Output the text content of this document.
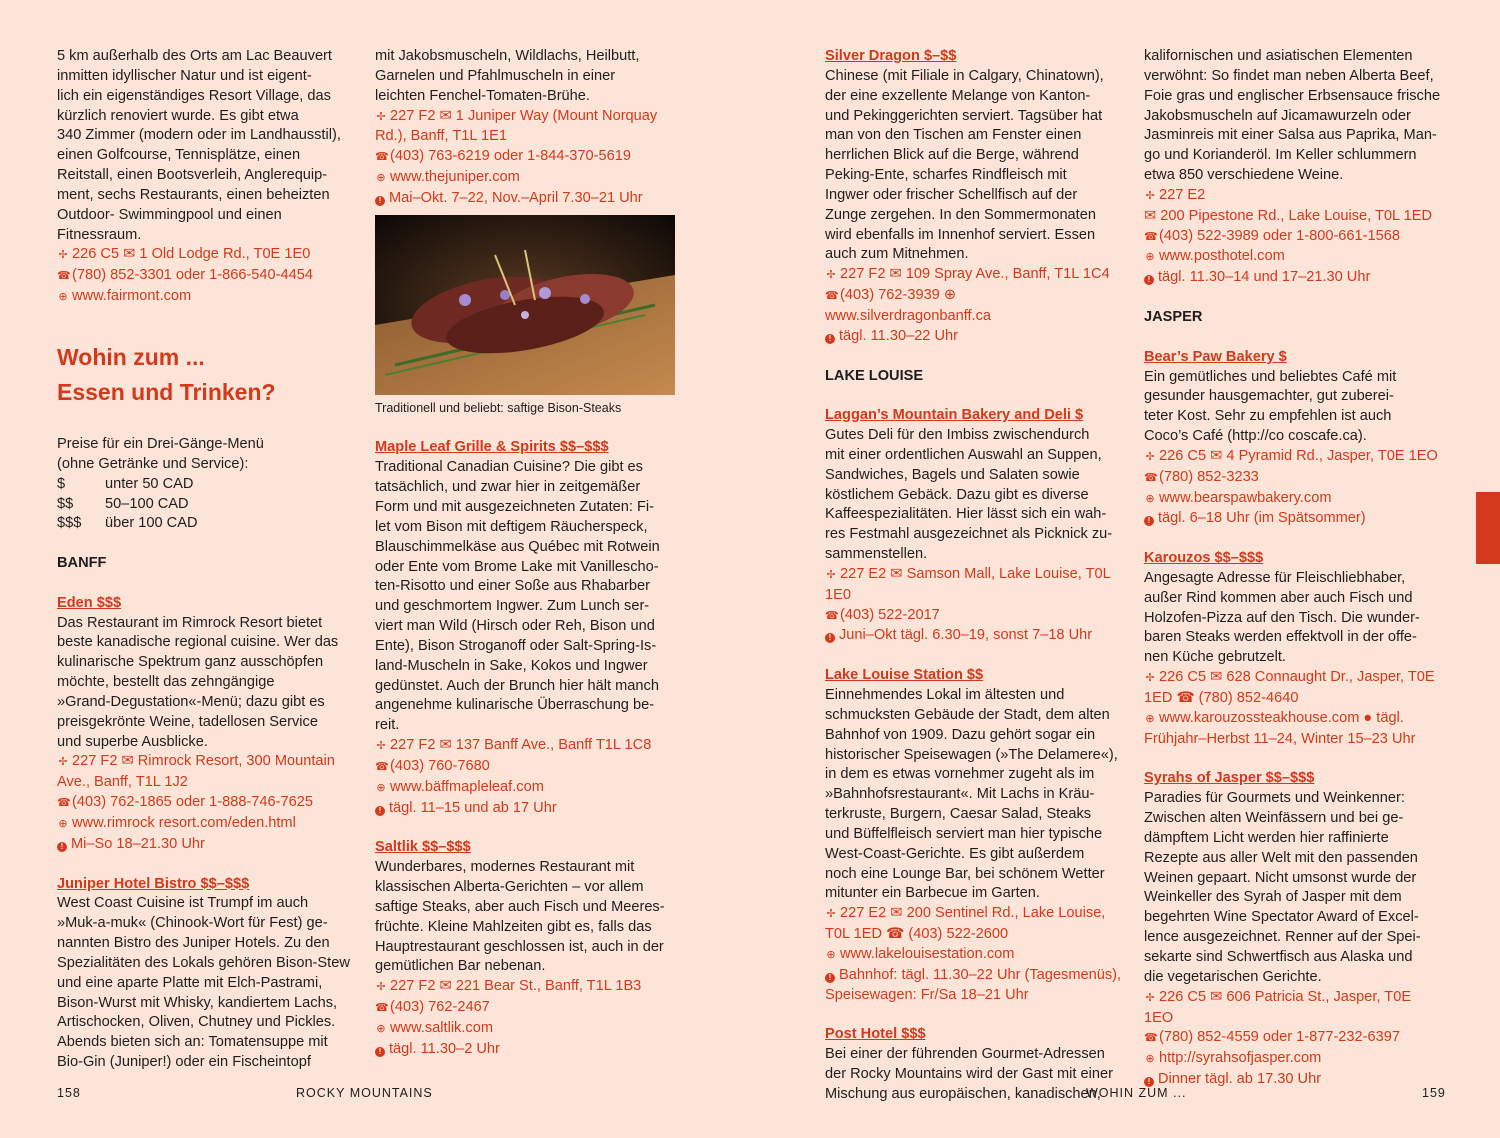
5 km außerhalb des Orts am Lac Beauvert

inmitten idyllischer Natur und ist eigent-

lich ein eigenständiges Resort Village, das

kürzlich renoviert wurde. Es gibt etwa

340 Zimmer (modern oder im Landhausstil),

einen Golfcourse, Tennisplätze, einen

Reitstall, einen Bootsverleih, Anglerequip-

ment, sechs Restaurants, einen beheizten

Outdoor- Swimmingpool und einen

Fitnessraum.

✢ 226 C5 ✉ 1 Old Lodge Rd., T0E 1E0

☎(780) 852-3301 oder 1-866-540-4454

⊕ www.fairmont.com

Wohin zum ...

Essen und Trinken?

Preise für ein Drei-Gänge-Menü

(ohne Getränke und Service):

$	unter 50 CAD
$$	50–100 CAD
$$$	über 100 CAD

BANFF

Eden $$$

Das Restaurant im Rimrock Resort bietet

beste kanadische regional cuisine. Wer das

kulinarische Spektrum ganz ausschöpfen

möchte, bestellt das zehngängige

»Grand-Degustation«-Menü; dazu gibt es

preisgekrönte Weine, tadellosen Service

und superbe Ausblicke.

✢ 227 F2 ✉ Rimrock Resort, 300 Mountain

Ave., Banff, T1L 1J2

☎(403) 762-1865 oder 1-888-746-7625

⊕ www.rimrock resort.com/eden.html

! Mi–So 18–21.30 Uhr

Juniper Hotel Bistro $$–$$$

West Coast Cuisine ist Trumpf im auch

»Muk-a-muk« (Chinook-Wort für Fest) ge-

nannten Bistro des Juniper Hotels. Zu den

Spezialitäten des Lokals gehören Bison-Stew

und eine aparte Platte mit Elch-Pastrami,

Bison-Wurst mit Whisky, kandiertem Lachs,

Artischocken, Oliven, Chutney und Pickles.

Abends bieten sich an: Tomatensuppe mit

Bio-Gin (Juniper!) oder ein Fischeintopf

mit Jakobsmuscheln, Wildlachs, Heilbutt,

Garnelen und Pfahlmuscheln in einer

leichten Fenchel-Tomaten-Brühe.

✢ 227 F2 ✉ 1 Juniper Way (Mount Norquay

Rd.), Banff, T1L 1E1

☎(403) 763-6219 oder 1-844-370-5619

⊕ www.thejuniper.com

! Mai–Okt. 7–22, Nov.–April 7.30–21 Uhr

Traditionell und beliebt: saftige Bison-Steaks

Maple Leaf Grille & Spirits $$–$$$

Traditional Canadian Cuisine? Die gibt es

tatsächlich, und zwar hier in zeitgemäßer

Form und mit ausgezeichneten Zutaten: Fi-

let vom Bison mit deftigem Räucherspeck,

Blauschimmelkäse aus Québec mit Rotwein

oder Ente vom Brome Lake mit Vanillescho-

ten-Risotto und einer Soße aus Rhabarber

und geschmortem Ingwer. Zum Lunch ser-

viert man Wild (Hirsch oder Reh, Bison und

Ente), Bison Stroganoff oder Salt-Spring-Is-

land-Muscheln in Sake, Kokos und Ingwer

gedünstet. Auch der Brunch hier hält manch

angenehme kulinarische Überraschung be-

reit.

✢ 227 F2 ✉ 137 Banff Ave., Banff T1L 1C8

☎(403) 760-7680

⊕ www.bäffmapleleaf.com

! tägl. 11–15 und ab 17 Uhr

Saltlik $$–$$$

Wunderbares, modernes Restaurant mit

klassischen Alberta-Gerichten – vor allem

saftige Steaks, aber auch Fisch und Meeres-

früchte. Kleine Mahlzeiten gibt es, falls das

Hauptrestaurant geschlossen ist, auch in der

gemütlichen Bar nebenan.

✢ 227 F2 ✉ 221 Bear St., Banff, T1L 1B3

☎(403) 762-2467

⊕ www.saltlik.com

! tägl. 11.30–2 Uhr

Silver Dragon $–$$

Chinese (mit Filiale in Calgary, Chinatown),

der eine exzellente Melange von Kanton-

und Pekinggerichten serviert. Tagsüber hat

man von den Tischen am Fenster einen

herrlichen Blick auf die Berge, während

Peking-Ente, scharfes Rindfleisch mit

Ingwer oder frischer Schellfisch auf der

Zunge zergehen. In den Sommermonaten

wird ebenfalls im Innenhof serviert. Essen

auch zum Mitnehmen.

✢ 227 F2 ✉ 109 Spray Ave., Banff, T1L 1C4

☎(403) 762-3939 ⊕ www.silverdragonbanff.ca

! tägl. 11.30–22 Uhr

LAKE LOUISE

Laggan’s Mountain Bakery and Deli $

Gutes Deli für den Imbiss zwischendurch

mit einer ordentlichen Auswahl an Suppen,

Sandwiches, Bagels und Salaten sowie

köstlichem Gebäck. Dazu gibt es diverse

Kaffeespezialitäten. Hier lässt sich ein wah-

res Festmahl ausgezeichnet als Picknick zu-

sammenstellen.

✢ 227 E2 ✉ Samson Mall, Lake Louise, T0L 1E0

☎(403) 522-2017

! Juni–Okt tägl. 6.30–19, sonst 7–18 Uhr

Lake Louise Station $$

Einnehmendes Lokal im ältesten und

schmucksten Gebäude der Stadt, dem alten

Bahnhof von 1909. Dazu gehört sogar ein

historischer Speisewagen (»The Delamere«),

in dem es etwas vornehmer zugeht als im

»Bahnhofsrestaurant«. Mit Lachs in Kräu-

terkruste, Burgern, Caesar Salad, Steaks

und Büffelfleisch serviert man hier typische

West-Coast-Gerichte. Es gibt außerdem

noch eine Lounge Bar, bei schönem Wetter

mitunter ein Barbecue im Garten.

✢ 227 E2 ✉ 200 Sentinel Rd., Lake Louise,

T0L 1ED ☎ (403) 522-2600

⊕ www.lakelouisestation.com

! Bahnhof: tägl. 11.30–22 Uhr (Tagesmenüs),

Speisewagen: Fr/Sa 18–21 Uhr

Post Hotel $$$

Bei einer der führenden Gourmet-Adressen

der Rocky Mountains wird der Gast mit einer

Mischung aus europäischen, kanadischen,

kalifornischen und asiatischen Elementen

verwöhnt: So findet man neben Alberta Beef,

Foie gras und englischer Erbsensauce frische

Jakobsmuscheln auf Jicamawurzeln oder

Jasminreis mit einer Salsa aus Paprika, Man-

go und Korianderöl. Im Keller schlummern

etwa 850 verschiedene Weine.

✢ 227 E2

✉ 200 Pipestone Rd., Lake Louise, T0L 1ED

☎(403) 522-3989 oder 1-800-661-1568

⊕ www.posthotel.com

! tägl. 11.30–14 und 17–21.30 Uhr

JASPER

Bear’s Paw Bakery $

Ein gemütliches und beliebtes Café mit

gesunder hausgemachter, gut zuberei-

teter Kost. Sehr zu empfehlen ist auch

Coco’s Café (http://co coscafe.ca).

✢ 226 C5 ✉ 4 Pyramid Rd., Jasper, T0E 1EO

☎(780) 852-3233

⊕ www.bearspawbakery.com

! tägl. 6–18 Uhr (im Spätsommer)

Karouzos $$–$$$

Angesagte Adresse für Fleischliebhaber,

außer Rind kommen aber auch Fisch und

Holzofen-Pizza auf den Tisch. Die wunder-

baren Steaks werden effektvoll in der offe-

nen Küche gebrutzelt.

✢ 226 C5 ✉ 628 Connaught Dr., Jasper, T0E

1ED ☎ (780) 852-4640

⊕ www.karouzossteakhouse.com ● tägl.

Frühjahr–Herbst 11–24, Winter 15–23 Uhr

Syrahs of Jasper $$–$$$

Paradies für Gourmets und Weinkenner:

Zwischen alten Weinfässern und bei ge-

dämpftem Licht werden hier raffinierte

Rezepte aus aller Welt mit den passenden

Weinen gepaart. Nicht umsonst wurde der

Weinkeller des Syrah of Jasper mit dem

begehrten Wine Spectator Award of Excel-

lence ausgezeichnet. Renner auf der Spei-

sekarte sind Schwertfisch aus Alaska und

die vegetarischen Gerichte.

✢ 226 C5 ✉ 606 Patricia St., Jasper, T0E 1EO

☎(780) 852-4559 oder 1-877-232-6397

⊕ http://syrahsofjasper.com

! Dinner tägl. ab 17.30 Uhr

158	ROCKY MOUNTAINS	WOHIN ZUM ...	159
